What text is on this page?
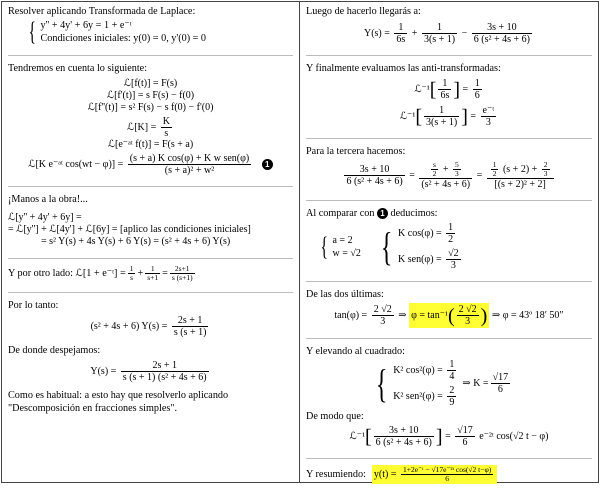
Resolver aplicando Transformada de Laplace:
{ y'' + 4y' + 6y = 1 + e⁻ᵗ
Condiciones iniciales: y(0) = 0, y'(0) = 0
Tendremos en cuenta lo siguiente:
ℒ[f(t)] = F(s)
ℒ[f'(t)] = s F(s) − f(0)
ℒ[f''(t)] = s² F(s) − s f(0) − f'(0)
ℒ[K] = $\frac{K}{s}$
ℒ[e⁻ᵃᵗ f(t)] = F(s + a)
ℒ[K e⁻ᵃᵗ cos(wt − φ)] =
(s + a) K cos(φ) + K w sen(φ)
(s + a)² + w²
1
¡Manos a la obra!...
ℒ[y'' + 4y' + 6y] =
= ℒ[y''] + ℒ[4y'] + ℒ[6y] = [aplico las condiciones iniciales]
= s² Y(s) + 4s Y(s) + 6 Y(s) = (s² + 4s + 6) Y(s)
Y por otro lado: ℒ[1 + e⁻ᵗ] = $\frac{1}{s} + \frac{1}{s+1} = \frac{2s+1}{s (s+1)}$
Por lo tanto:
(s² + 4s + 6) $Y(s) = \frac{2s + 1}{s (s + 1)}$
De donde despejamos:
$Y(s) = \frac{2s + 1}{\text{s (s + 1) (s² + 4s + 6)}}$
Como es habitual: a esto hay que resolverlo aplicando
"Descomposición en fracciones simples".
Luego de hacerlo llegarás a:
$Y(s) = \frac{1}{6s} + \frac{1}{3(s + 1)} - \frac{3s + 10}{\text{6 (s² + 4s + 6)}}$
Y finalmente evaluamos las anti-transformadas:
ℒ⁻¹[ $\frac{1}{6s}$ ] = $\frac{1}{6}$
ℒ⁻¹[ $\frac{1}{3(s + 1)}$ ] = $\frac{\text{e⁻ᵗ}}{3}$
Para la tercera hacemos:
$\frac{3s + 10}{\text{6 (s² + 4s + 6)}} = \frac{\frac{s}{2} + \frac{5}{3}}{\text{(s² + 4s + 6)}} = \frac{\frac{1}{2} (s + 2) + \frac{2}{3}}{\text{[(s + 2)² + 2]}}$
Al comparar con 1 deducimos:
{ a = 2
w = √2 { K $\cos(\varphi) = \frac{1}{2}$
K $sen(\varphi) = \frac{√2}{3}$
De las dos últimas:
$\tan(\varphi) = \frac{2 √2}{3}$ ⇒ $\varphi = \tan^{-1}( \frac{2 √2}{3}$ ) ⇒ φ = 43º 18′ 50″
Y elevando al cuadrado:
{ K² $\cos^2(\varphi) = \frac{1}{4}$
K² $sen^2(\varphi) = \frac{2}{9}$
⇒ $K = \frac{√17}{6}$
De modo que:
ℒ⁻¹[ $\frac{3s + 10}{\text{6 (s² + 4s + 6)}}$ ] = $\frac{√17}{6}$ e⁻²ᵗ cos(√2 t − φ)
Y resumiendo: $y(t) = \frac{\text{1+2e⁻ᵗ − √17e⁻²ᵗ cos(√2 t−φ)}}{6}$
